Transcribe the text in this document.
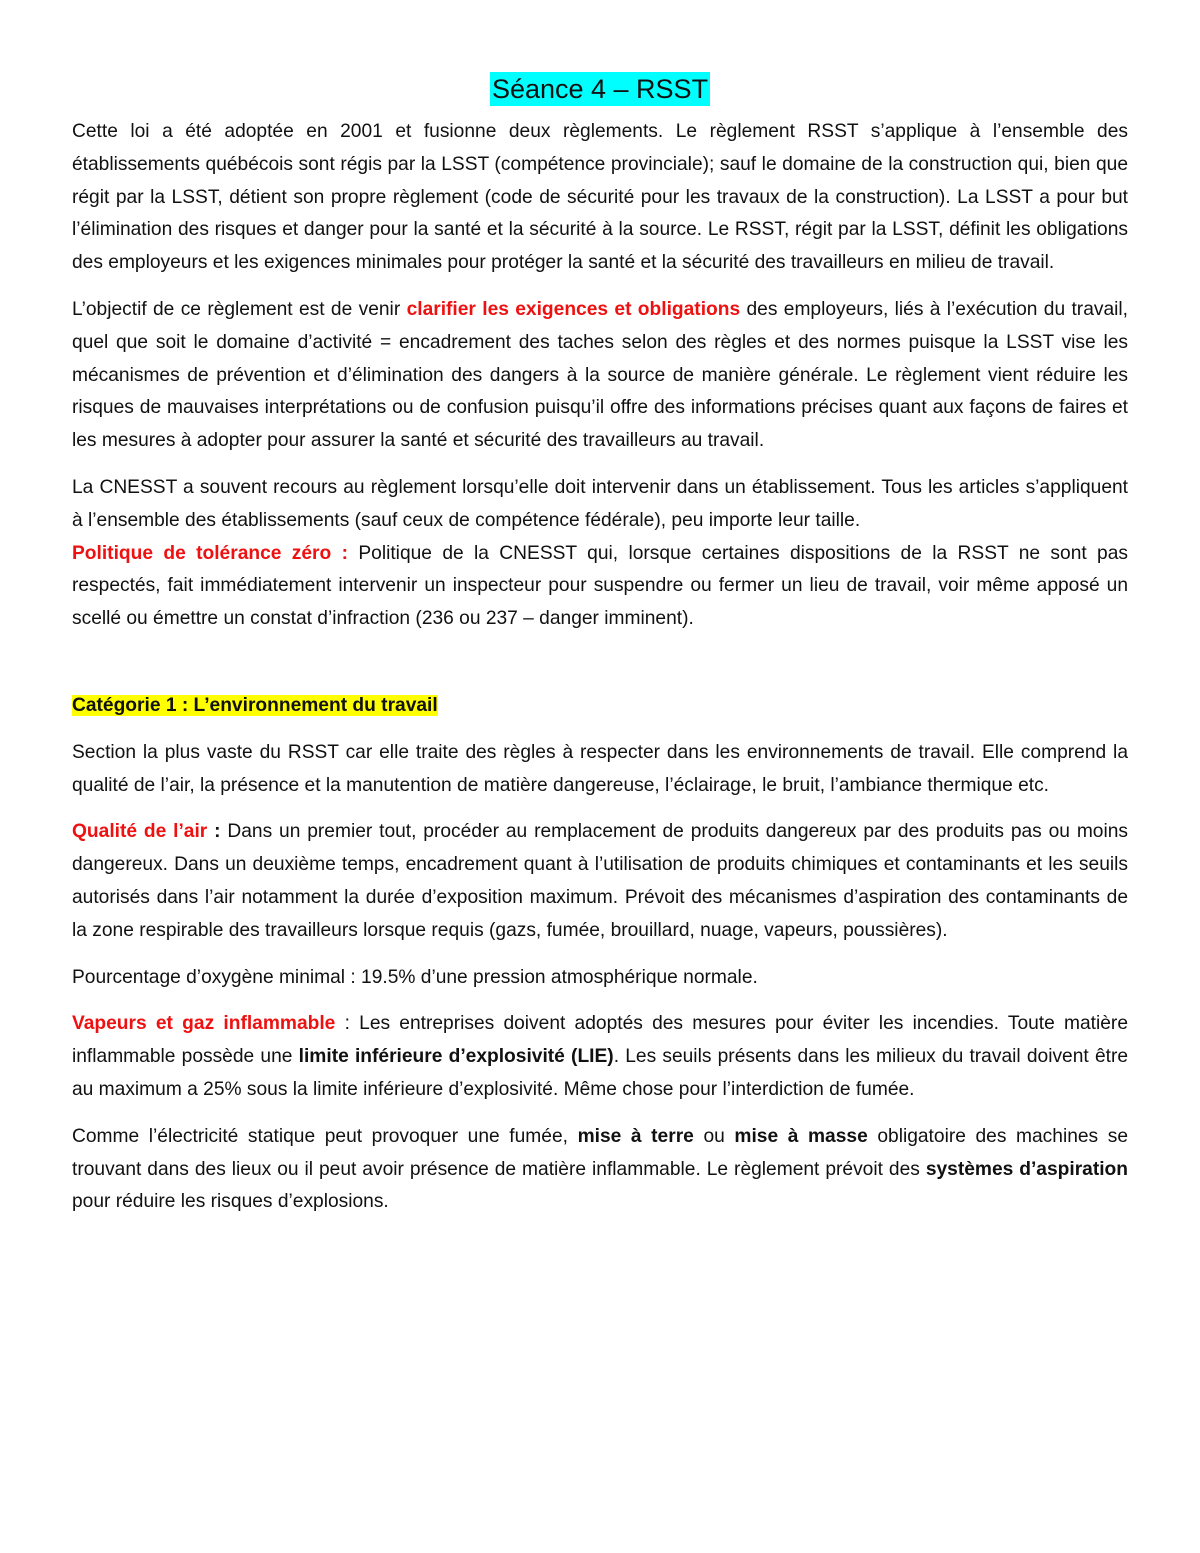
Séance 4 – RSST

Cette loi a été adoptée en 2001 et fusionne deux règlements. Le règlement RSST s’applique à l’ensemble des établissements québécois sont régis par la LSST (compétence provinciale); sauf le domaine de la construction qui, bien que régit par la LSST, détient son propre règlement (code de sécurité pour les travaux de la construction). La LSST a pour but l’élimination des risques et danger pour la santé et la sécurité à la source. Le RSST, régit par la LSST, définit les obligations des employeurs et les exigences minimales pour protéger la santé et la sécurité des travailleurs en milieu de travail.

L’objectif de ce règlement est de venir clarifier les exigences et obligations des employeurs, liés à l’exécution du travail, quel que soit le domaine d’activité = encadrement des taches selon des règles et des normes puisque la LSST vise les mécanismes de prévention et d’élimination des dangers à la source de manière générale. Le règlement vient réduire les risques de mauvaises interprétations ou de confusion puisqu’il offre des informations précises quant aux façons de faires et les mesures à adopter pour assurer la santé et sécurité des travailleurs au travail.

La CNESST a souvent recours au règlement lorsqu’elle doit intervenir dans un établissement. Tous les articles s’appliquent à l’ensemble des établissements (sauf ceux de compétence fédérale), peu importe leur taille.

Politique de tolérance zéro : Politique de la CNESST qui, lorsque certaines dispositions de la RSST ne sont pas respectés, fait immédiatement intervenir un inspecteur pour suspendre ou fermer un lieu de travail, voir même apposé un scellé ou émettre un constat d’infraction (236 ou 237 – danger imminent).

Catégorie 1 : L’environnement du travail

Section la plus vaste du RSST car elle traite des règles à respecter dans les environnements de travail. Elle comprend la qualité de l’air, la présence et la manutention de matière dangereuse, l’éclairage, le bruit, l’ambiance thermique etc.

Qualité de l’air : Dans un premier tout, procéder au remplacement de produits dangereux par des produits pas ou moins dangereux. Dans un deuxième temps, encadrement quant à l’utilisation de produits chimiques et contaminants et les seuils autorisés dans l’air notamment la durée d’exposition maximum. Prévoit des mécanismes d’aspiration des contaminants de la zone respirable des travailleurs lorsque requis (gazs, fumée, brouillard, nuage, vapeurs, poussières).

Pourcentage d’oxygène minimal : 19.5% d’une pression atmosphérique normale.

Vapeurs et gaz inflammable : Les entreprises doivent adoptés des mesures pour éviter les incendies. Toute matière inflammable possède une limite inférieure d’explosivité (LIE). Les seuils présents dans les milieux du travail doivent être au maximum a 25% sous la limite inférieure d’explosivité. Même chose pour l’interdiction de fumée.

Comme l’électricité statique peut provoquer une fumée, mise à terre ou mise à masse obligatoire des machines se trouvant dans des lieux ou il peut avoir présence de matière inflammable. Le règlement prévoit des systèmes d’aspiration pour réduire les risques d’explosions.
